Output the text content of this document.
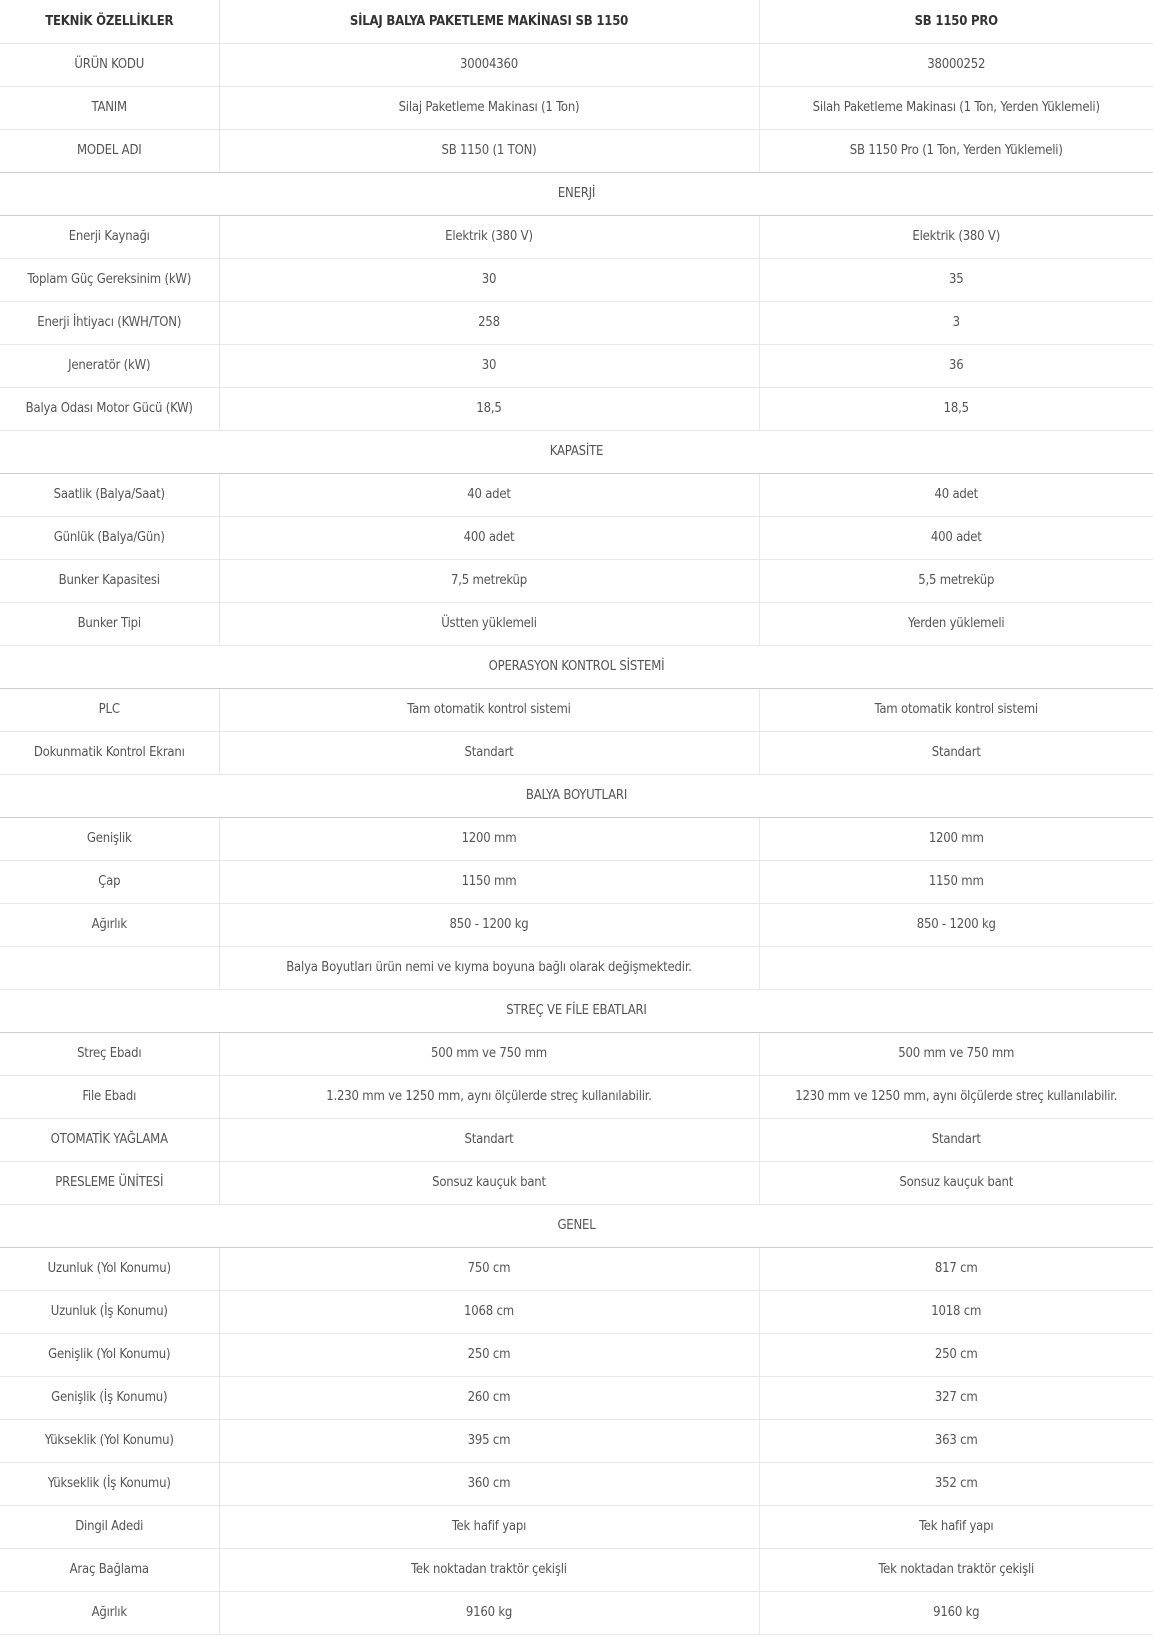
TEKNİK ÖZELLİKLER	SİLAJ BALYA PAKETLEME MAKİNASI SB 1150	SB 1150 PRO
ÜRÜN KODU	30004360	38000252
TANIM	Silaj Paketleme Makinası (1 Ton)	Silah Paketleme Makinası (1 Ton, Yerden Yüklemeli)
MODEL ADI	SB 1150 (1 TON)	SB 1150 Pro (1 Ton, Yerden Yüklemeli)
ENERJİ		
Enerji Kaynağı	Elektrik (380 V)	Elektrik (380 V)
Toplam Güç Gereksinim (kW)	30	35
Enerji İhtiyacı (KWH/TON)	258	3
Jeneratör (kW)	30	36
Balya Odası Motor Gücü (KW)	18,5	18,5
KAPASİTE		
Saatlik (Balya/Saat)	40 adet	40 adet
Günlük (Balya/Gün)	400 adet	400 adet
Bunker Kapasitesi	7,5 metreküp	5,5 metreküp
Bunker Tipi	Üstten yüklemeli	Yerden yüklemeli
OPERASYON KONTROL SİSTEMİ		
PLC	Tam otomatik kontrol sistemi	Tam otomatik kontrol sistemi
Dokunmatik Kontrol Ekranı	Standart	Standart
BALYA BOYUTLARI		
Genişlik	1200 mm	1200 mm
Çap	1150 mm	1150 mm
Ağırlık	850 - 1200 kg	850 - 1200 kg
	Balya Boyutları ürün nemi ve kıyma boyuna bağlı olarak değişmektedir.	
STREÇ VE FİLE EBATLARI		
Streç Ebadı	500 mm ve 750 mm	500 mm ve 750 mm
File Ebadı	1.230 mm ve 1250 mm, aynı ölçülerde streç kullanılabilir.	1230 mm ve 1250 mm, aynı ölçülerde streç kullanılabilir.
OTOMATİK YAĞLAMA	Standart	Standart
PRESLEME ÜNİTESİ	Sonsuz kauçuk bant	Sonsuz kauçuk bant
GENEL		
Uzunluk (Yol Konumu)	750 cm	817 cm
Uzunluk (İş Konumu)	1068 cm	1018 cm
Genişlik (Yol Konumu)	250 cm	250 cm
Genişlik (İş Konumu)	260 cm	327 cm
Yükseklik (Yol Konumu)	395 cm	363 cm
Yükseklik (İş Konumu)	360 cm	352 cm
Dingil Adedi	Tek hafif yapı	Tek hafif yapı
Araç Bağlama	Tek noktadan traktör çekişli	Tek noktadan traktör çekişli
Ağırlık	9160 kg	9160 kg
